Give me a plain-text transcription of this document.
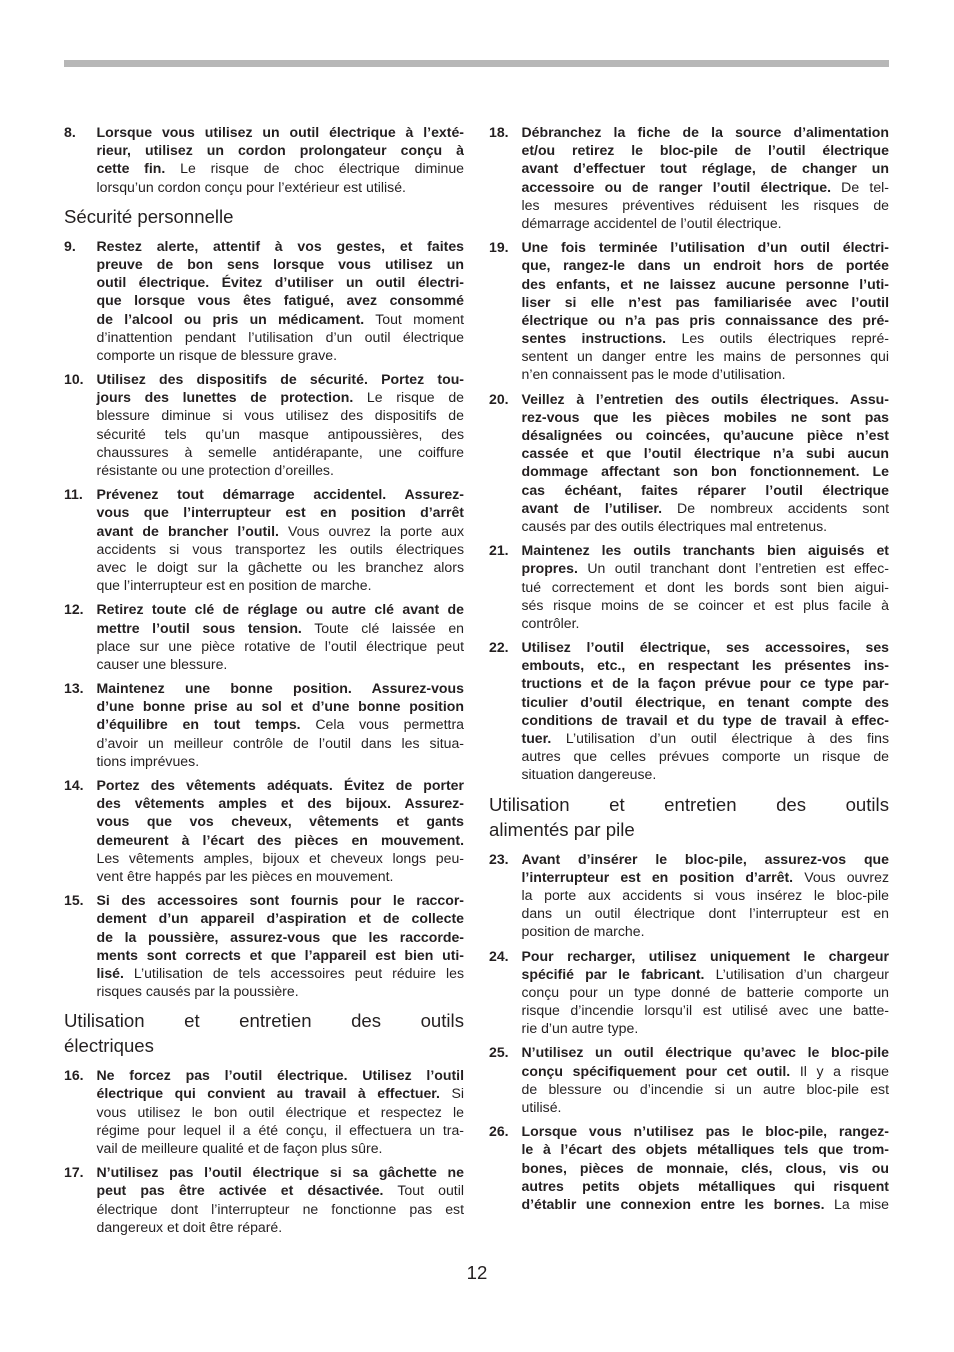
8. Lorsque vous utilisez un outil électrique à l’exté-
rieur, utilisez un cordon prolongateur conçu à
cette fin. Le risque de choc électrique diminue
lorsqu’un cordon conçu pour l’extérieur est utilisé.
Sécurité personnelle
9. Restez alerte, attentif à vos gestes, et faites
preuve de bon sens lorsque vous utilisez un
outil électrique. Évitez d’utiliser un outil électri-
que lorsque vous êtes fatigué, avez consommé
de l’alcool ou pris un médicament. Tout moment
d’inattention pendant l’utilisation d’un outil électrique
comporte un risque de blessure grave.
10. Utilisez des dispositifs de sécurité. Portez tou-
jours des lunettes de protection. Le risque de
blessure diminue si vous utilisez des dispositifs de
sécurité tels qu’un masque antipoussières, des
chaussures à semelle antidérapante, une coiffure
résistante ou une protection d’oreilles.
11. Prévenez tout démarrage accidentel. Assurez-
vous que l’interrupteur est en position d’arrêt
avant de brancher l’outil. Vous ouvrez la porte aux
accidents si vous transportez les outils électriques
avec le doigt sur la gâchette ou les branchez alors
que l’interrupteur est en position de marche.
12. Retirez toute clé de réglage ou autre clé avant de
mettre l’outil sous tension. Toute clé laissée en
place sur une pièce rotative de l’outil électrique peut
causer une blessure.
13. Maintenez une bonne position. Assurez-vous
d’une bonne prise au sol et d’une bonne position
d’équilibre en tout temps. Cela vous permettra
d’avoir un meilleur contrôle de l’outil dans les situa-
tions imprévues.
14. Portez des vêtements adéquats. Évitez de porter
des vêtements amples et des bijoux. Assurez-
vous que vos cheveux, vêtements et gants
demeurent à l’écart des pièces en mouvement.
Les vêtements amples, bijoux et cheveux longs peu-
vent être happés par les pièces en mouvement.
15. Si des accessoires sont fournis pour le raccor-
dement d’un appareil d’aspiration et de collecte
de la poussière, assurez-vous que les raccorde-
ments sont corrects et que l’appareil est bien uti-
lisé. L’utilisation de tels accessoires peut réduire les
risques causés par la poussière.
Utilisation et entretien des outils
électriques
16. Ne forcez pas l’outil électrique. Utilisez l’outil
électrique qui convient au travail à effectuer. Si
vous utilisez le bon outil électrique et respectez le
régime pour lequel il a été conçu, il effectuera un tra-
vail de meilleure qualité et de façon plus sûre.
17. N’utilisez pas l’outil électrique si sa gâchette ne
peut pas être activée et désactivée. Tout outil
électrique dont l’interrupteur ne fonctionne pas est
dangereux et doit être réparé.
18. Débranchez la fiche de la source d’alimentation
et/ou retirez le bloc-pile de l’outil électrique
avant d’effectuer tout réglage, de changer un
accessoire ou de ranger l’outil électrique. De tel-
les mesures préventives réduisent les risques de
démarrage accidentel de l’outil électrique.
19. Une fois terminée l’utilisation d’un outil électri-
que, rangez-le dans un endroit hors de portée
des enfants, et ne laissez aucune personne l’uti-
liser si elle n’est pas familiarisée avec l’outil
électrique ou n’a pas pris connaissance des pré-
sentes instructions. Les outils électriques repré-
sentent un danger entre les mains de personnes qui
n’en connaissent pas le mode d’utilisation.
20. Veillez à l’entretien des outils électriques. Assu-
rez-vous que les pièces mobiles ne sont pas
désalignées ou coincées, qu’aucune pièce n’est
cassée et que l’outil électrique n’a subi aucun
dommage affectant son bon fonctionnement. Le
cas échéant, faites réparer l’outil électrique
avant de l’utiliser. De nombreux accidents sont
causés par des outils électriques mal entretenus.
21. Maintenez les outils tranchants bien aiguisés et
propres. Un outil tranchant dont l’entretien est effec-
tué correctement et dont les bords sont bien aigui-
sés risque moins de se coincer et est plus facile à
contrôler.
22. Utilisez l’outil électrique, ses accessoires, ses
embouts, etc., en respectant les présentes ins-
tructions et de la façon prévue pour ce type par-
ticulier d’outil électrique, en tenant compte des
conditions de travail et du type de travail à effec-
tuer. L’utilisation d’un outil électrique à des fins
autres que celles prévues comporte un risque de
situation dangereuse.
Utilisation et entretien des outils
alimentés par pile
23. Avant d’insérer le bloc-pile, assurez-vos que
l’interrupteur est en position d’arrêt. Vous ouvrez
la porte aux accidents si vous insérez le bloc-pile
dans un outil électrique dont l’interrupteur est en
position de marche.
24. Pour recharger, utilisez uniquement le chargeur
spécifié par le fabricant. L’utilisation d’un chargeur
conçu pour un type donné de batterie comporte un
risque d’incendie lorsqu’il est utilisé avec une batte-
rie d’un autre type.
25. N’utilisez un outil électrique qu’avec le bloc-pile
conçu spécifiquement pour cet outil. Il y a risque
de blessure ou d’incendie si un autre bloc-pile est
utilisé.
26. Lorsque vous n’utilisez pas le bloc-pile, rangez-
le à l’écart des objets métalliques tels que trom-
bones, pièces de monnaie, clés, clous, vis ou
autres petits objets métalliques qui risquent
d’établir une connexion entre les bornes. La mise
12
